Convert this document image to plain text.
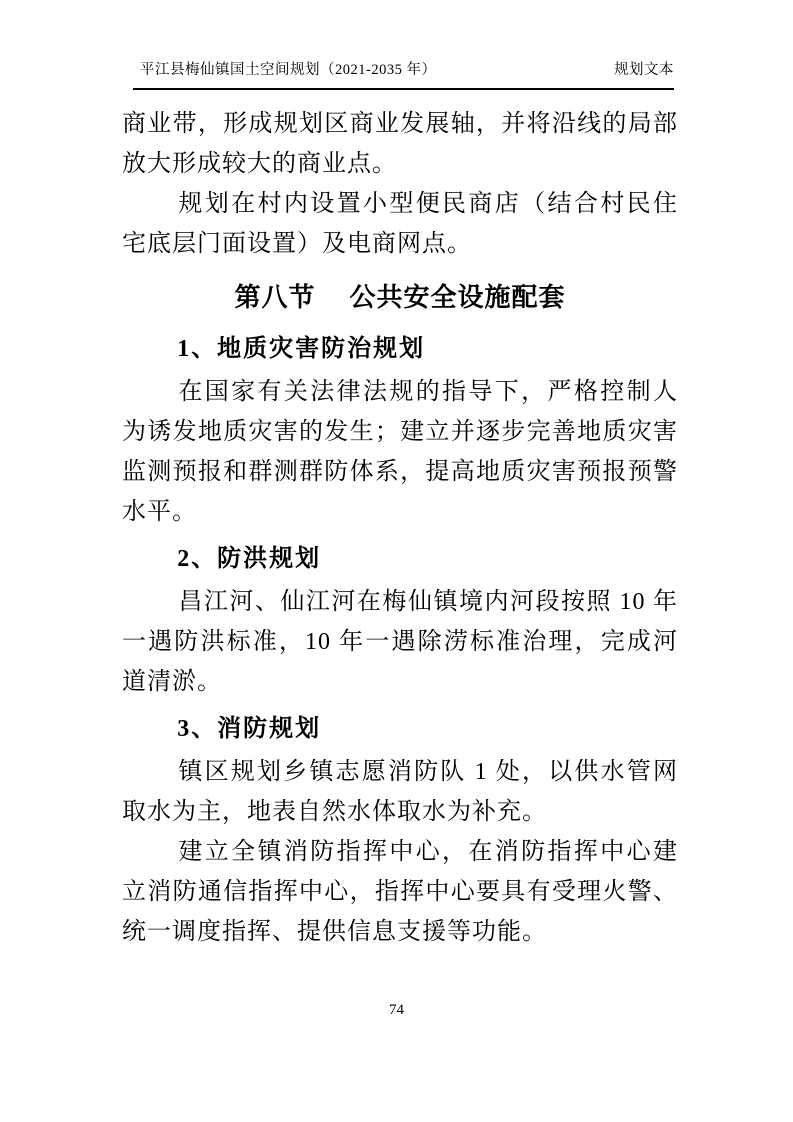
平江县梅仙镇国土空间规划（2021-2035 年）	规划文本

商业带，形成规划区商业发展轴，并将沿线的局部放大形成较大的商业点。

规划在村内设置小型便民商店（结合村民住宅底层门面设置）及电商网点。

第八节 公共安全设施配套
1、地质灾害防治规划

在国家有关法律法规的指导下，严格控制人为诱发地质灾害的发生；建立并逐步完善地质灾害监测预报和群测群防体系，提高地质灾害预报预警水平。

2、防洪规划

昌江河、仙江河在梅仙镇境内河段按照 10 年一遇防洪标准，10 年一遇除涝标准治理，完成河道清淤。

3、消防规划

镇区规划乡镇志愿消防队 1 处，以供水管网取水为主，地表自然水体取水为补充。

建立全镇消防指挥中心，在消防指挥中心建立消防通信指挥中心，指挥中心要具有受理火警、统一调度指挥、提供信息支援等功能。

74
